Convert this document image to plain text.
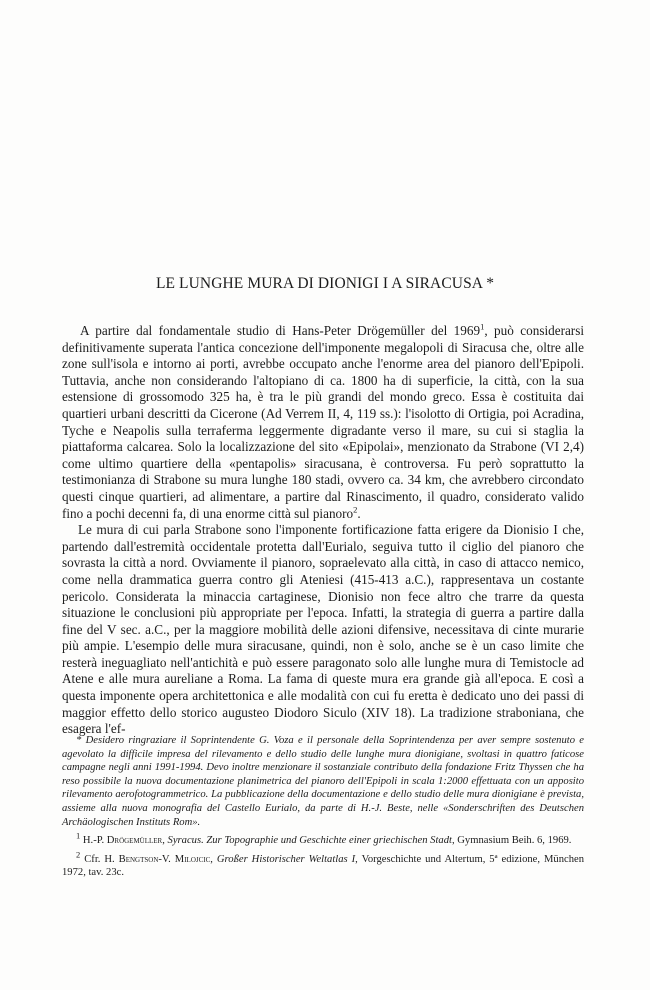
LE LUNGHE MURA DI DIONIGI I A SIRACUSA *

A partire dal fondamentale studio di Hans-Peter Drögemüller del 1969$^1$, può considerarsi definitivamente superata l'antica concezione dell'imponente megalopoli di Siracusa che, oltre alle zone sull'isola e intorno ai porti, avrebbe occupato anche l'enorme area del pianoro dell'Epipoli. Tuttavia, anche non considerando l'altopiano di ca. 1800 ha di superficie, la città, con la sua estensione di grossomodo 325 ha, è tra le più grandi del mondo greco. Essa è costituita dai quartieri urbani descritti da Cicerone (Ad Verrem II, 4, 119 ss.): l'isolotto di Ortigia, poi Acradina, Tyche e Neapolis sulla terraferma leggermente digradante verso il mare, su cui si staglia la piattaforma calcarea. Solo la localizzazione del sito «Epipolai», menzionato da Strabone (VI 2,4) come ultimo quartiere della «pentapolis» siracusana, è controversa. Fu però soprattutto la testimonianza di Strabone su mura lunghe 180 stadi, ovvero ca. 34 km, che avrebbero circondato questi cinque quartieri, ad alimentare, a partire dal Rinascimento, il quadro, considerato valido fino a pochi decenni fa, di una enorme città sul pianoro$^2$.

Le mura di cui parla Strabone sono l'imponente fortificazione fatta erigere da Dionisio I che, partendo dall'estremità occidentale protetta dall'Eurialo, seguiva tutto il ciglio del pianoro che sovrasta la città a nord. Ovviamente il pianoro, sopraelevato alla città, in caso di attacco nemico, come nella drammatica guerra contro gli Ateniesi (415-413 a.C.), rappresentava un costante pericolo. Considerata la minaccia cartaginese, Dionisio non fece altro che trarre da questa situazione le conclusioni più appropriate per l'epoca. Infatti, la strategia di guerra a partire dalla fine del V sec. a.C., per la maggiore mobilità delle azioni difensive, necessitava di cinte murarie più ampie. L'esempio delle mura siracusane, quindi, non è solo, anche se è un caso limite che resterà ineguagliato nell'antichità e può essere paragonato solo alle lunghe mura di Temistocle ad Atene e alle mura aureliane a Roma. La fama di queste mura era grande già all'epoca. E così a questa imponente opera architettonica e alle modalità con cui fu eretta è dedicato uno dei passi di maggior effetto dello storico augusteo Diodoro Siculo (XIV 18). La tradizione straboniana, che esagera l'ef-

* Desidero ringraziare il Soprintendente G. Voza e il personale della Soprintendenza per aver sempre sostenuto e agevolato la difficile impresa del rilevamento e dello studio delle lunghe mura dionigiane, svoltasi in quattro faticose campagne negli anni 1991-1994. Devo inoltre menzionare il sostanziale contributo della fondazione Fritz Thyssen che ha reso possibile la nuova documentazione planimetrica del pianoro dell'Epipoli in scala 1:2000 effettuata con un apposito rilevamento aerofotogrammetrico. La pubblicazione della documentazione e dello studio delle mura dionigiane è prevista, assieme alla nuova monografia del Castello Eurialo, da parte di H.-J. Beste, nelle «Sonderschriften des Deutschen Archäologischen Instituts Rom».

$^1$ H.-P. Drögemüller, Syracus. Zur Topographie und Geschichte einer griechischen Stadt, Gymnasium Beih. 6, 1969.

$^2$ Cfr. H. Bengtson-V. Milojcic, Großer Historischer Weltatlas I, Vorgeschichte und Altertum, 5ª edizione, München 1972, tav. 23c.
